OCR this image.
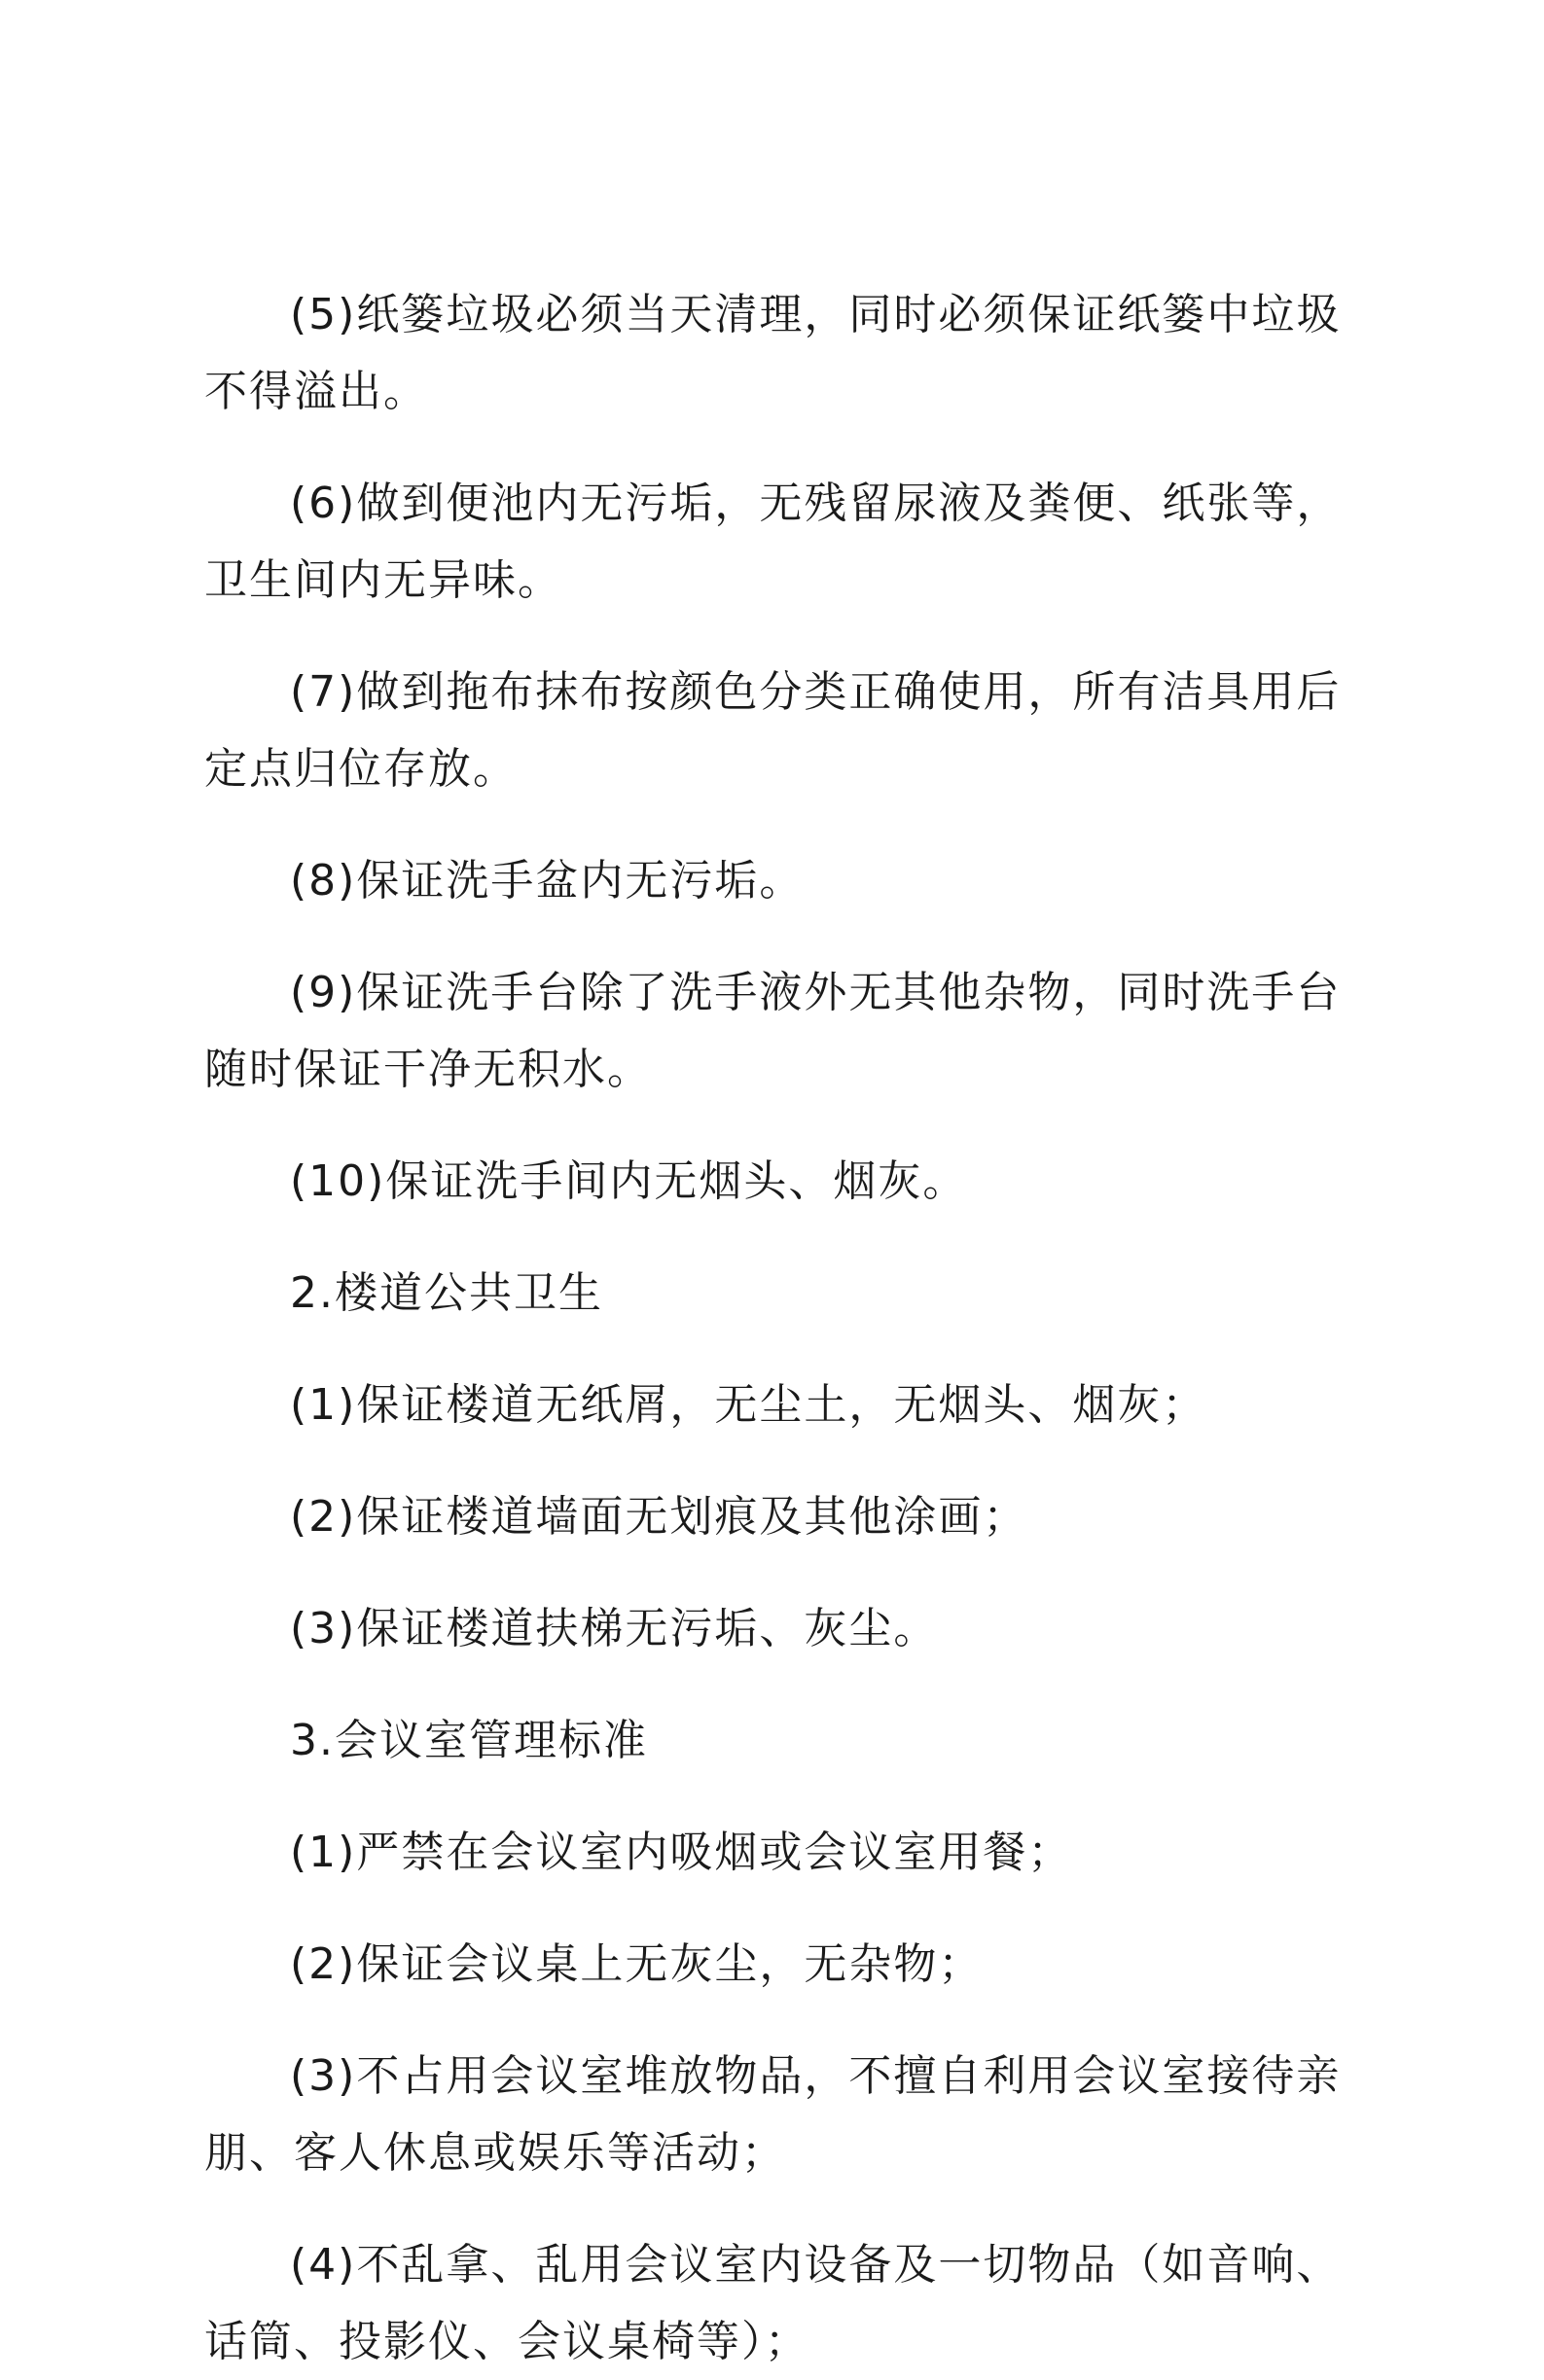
(5)纸篓垃圾必须当天清理，同时必须保证纸篓中垃圾不得溢出。

(6)做到便池内无污垢，无残留尿液及粪便、纸张等，卫生间内无异味。

(7)做到拖布抹布按颜色分类正确使用，所有洁具用后定点归位存放。

(8)保证洗手盆内无污垢。

(9)保证洗手台除了洗手液外无其他杂物，同时洗手台随时保证干净无积水。

(10)保证洗手间内无烟头、烟灰。

2.楼道公共卫生

(1)保证楼道无纸屑，无尘土，无烟头、烟灰；

(2)保证楼道墙面无划痕及其他涂画；

(3)保证楼道扶梯无污垢、灰尘。

3.会议室管理标准

(1)严禁在会议室内吸烟或会议室用餐；

(2)保证会议桌上无灰尘，无杂物；

(3)不占用会议室堆放物品，不擅自利用会议室接待亲朋、客人休息或娱乐等活动；

(4)不乱拿、乱用会议室内设备及一切物品（如音响、话筒、投影仪、会议桌椅等）；
